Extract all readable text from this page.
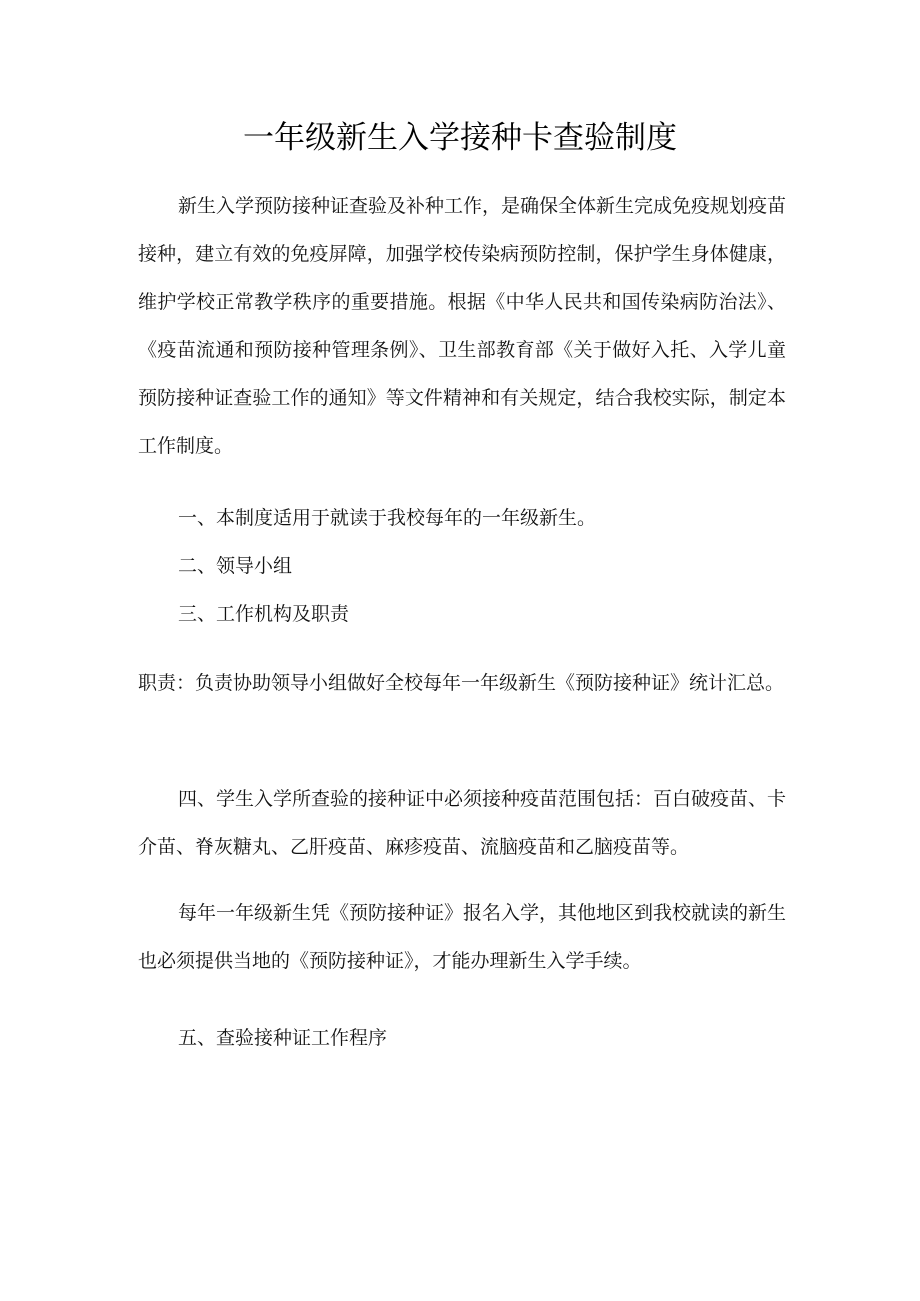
一年级新生入学接种卡查验制度

新生入学预防接种证查验及补种工作，是确保全体新生完成免疫规划疫苗接种，建立有效的免疫屏障，加强学校传染病预防控制，保护学生身体健康，维护学校正常教学秩序的重要措施。根据《中华人民共和国传染病防治法》、《疫苗流通和预防接种管理条例》、卫生部教育部《关于做好入托、入学儿童预防接种证查验工作的通知》等文件精神和有关规定，结合我校实际，制定本工作制度。

一、本制度适用于就读于我校每年的一年级新生。

二、领导小组

三、工作机构及职责

职责：负责协助领导小组做好全校每年一年级新生《预防接种证》统计汇总。

四、学生入学所查验的接种证中必须接种疫苗范围包括：百白破疫苗、卡介苗、脊灰糖丸、乙肝疫苗、麻疹疫苗、流脑疫苗和乙脑疫苗等。

每年一年级新生凭《预防接种证》报名入学，其他地区到我校就读的新生也必须提供当地的《预防接种证》，才能办理新生入学手续。

五、查验接种证工作程序
